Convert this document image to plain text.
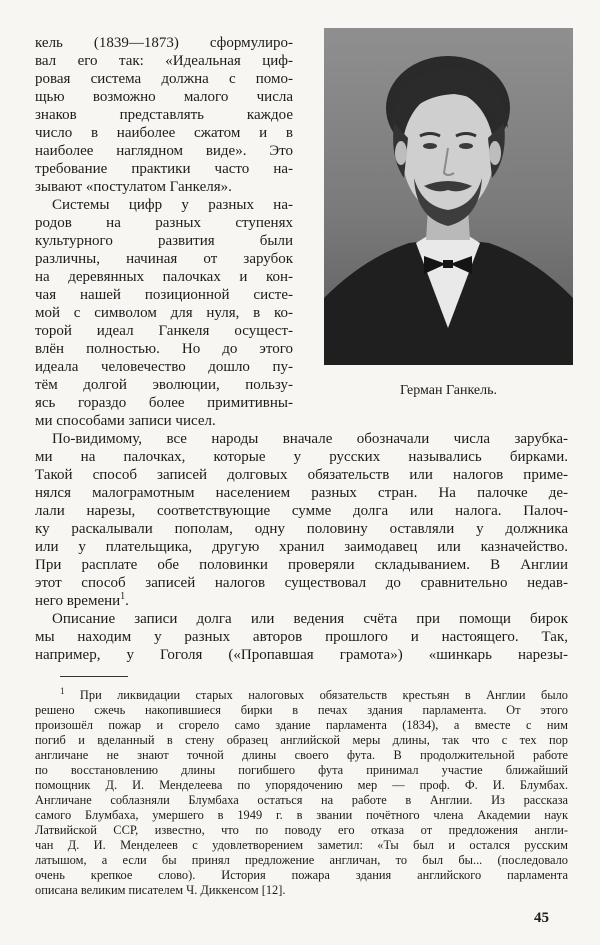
кель (1839—1873) сформулиро-
вал его так: «Идеальная циф-
ровая система должна с помо-
щью возможно малого числа
знаков представлять каждое
число в наиболее сжатом и в
наиболее наглядном виде». Это
требование практики часто на-
зывают «постулатом Ганкеля».
Системы цифр у разных на-
родов на разных ступенях
культурного развития были
различны, начиная от зарубок
на деревянных палочках и кон-
чая нашей позиционной систе-
мой с символом для нуля, в ко-
торой идеал Ганкеля осущест-
влён полностью. Но до этого
идеала человечество дошло пу-
тём долгой эволюции, пользу-
ясь гораздо более примитивны-
ми способами записи чисел.
Герман Ганкель.
По-видимому, все народы вначале обозначали числа зарубка-
ми на палочках, которые у русских назывались бирками.
Такой способ записей долговых обязательств или налогов приме-
нялся малограмотным населением разных стран. На палочке де-
лали нарезы, соответствующие сумме долга или налога. Палоч-
ку раскалывали пополам, одну половину оставляли у должника
или у плательщика, другую хранил заимодавец или казначейство.
При расплате обе половинки проверяли складыванием. В Англии
этот способ записей налогов существовал до сравнительно недав-
него времени$^1$.
Описание записи долга или ведения счёта при помощи бирок
мы находим у разных авторов прошлого и настоящего. Так,
например, у Гоголя («Пропавшая грамота») «шинкарь нарезы-
$^1$ При ликвидации старых налоговых обязательств крестьян в Англии было
решено сжечь накопившиеся бирки в печах здания парламента. От этого
произошёл пожар и сгорело само здание парламента (1834), а вместе с ним
погиб и вделанный в стену образец английской меры длины, так что с тех пор
англичане не знают точной длины своего фута. В продолжительной работе
по восстановлению длины погибшего фута принимал участие ближайший
помощник Д. И. Менделеева по упорядочению мер — проф. Ф. И. Блумбах.
Англичане соблазняли Блумбаха остаться на работе в Англии. Из рассказа
самого Блумбаха, умершего в 1949 г. в звании почётного члена Академии наук
Латвийской ССР, известно, что по поводу его отказа от предложения англи-
чан Д. И. Менделеев с удовлетворением заметил: «Ты был и остался русским
латышом, а если бы принял предложение англичан, то был бы... (последовало
очень крепкое слово). История пожара здания английского парламента
описана великим писателем Ч. Диккенсом [12].
45
